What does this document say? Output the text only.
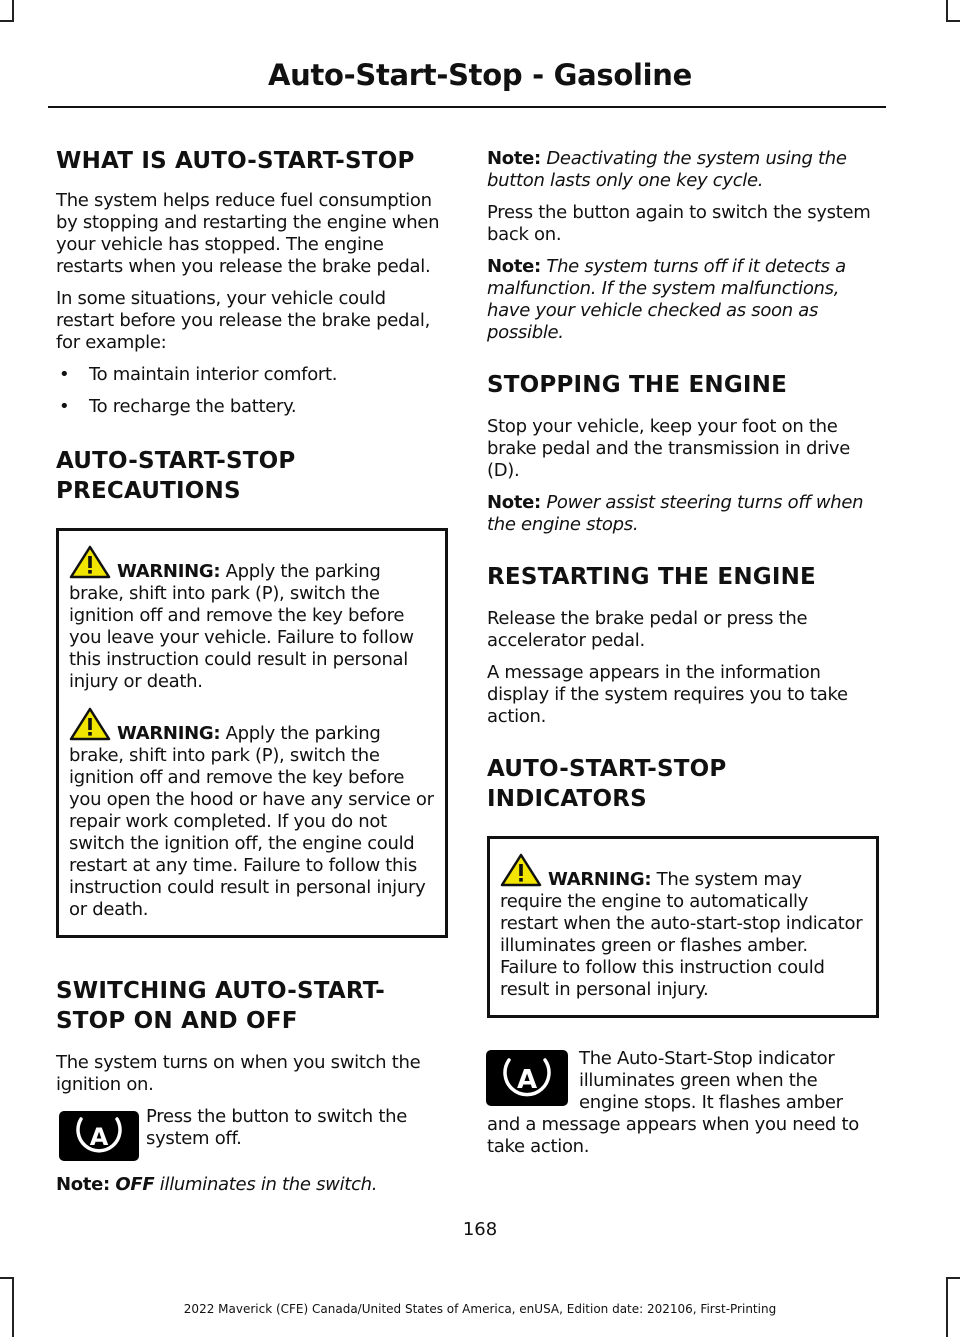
Auto-Start-Stop - Gasoline
WHAT IS AUTO-START-STOP

The system helps reduce fuel consumption by stopping and restarting the engine when your vehicle has stopped. The engine restarts when you release the brake pedal.

In some situations, your vehicle could restart before you release the brake pedal, for example:

• To maintain interior comfort.
• To recharge the battery.
AUTO-START-STOP
PRECAUTIONS

WARNING: Apply the parking brake, shift into park (P), switch the ignition off and remove the key before you leave your vehicle. Failure to follow this instruction could result in personal injury or death.

WARNING: Apply the parking brake, shift into park (P), switch the ignition off and remove the key before you open the hood or have any service or repair work completed. If you do not switch the ignition off, the engine could restart at any time. Failure to follow this instruction could result in personal injury or death.

SWITCHING AUTO-START-
STOP ON AND OFF

The system turns on when you switch the ignition on.

A

Press the button to switch the system off.

Note: OFF illuminates in the switch.

Note: Deactivating the system using the button lasts only one key cycle.

Press the button again to switch the system back on.

Note: The system turns off if it detects a malfunction. If the system malfunctions, have your vehicle checked as soon as possible.

STOPPING THE ENGINE

Stop your vehicle, keep your foot on the brake pedal and the transmission in drive (D).

Note: Power assist steering turns off when the engine stops.

RESTARTING THE ENGINE

Release the brake pedal or press the accelerator pedal.

A message appears in the information display if the system requires you to take action.

AUTO-START-STOP
INDICATORS

WARNING: The system may require the engine to automatically restart when the auto-start-stop indicator illuminates green or flashes amber. Failure to follow this instruction could result in personal injury.

A

The Auto-Start-Stop indicator illuminates green when the engine stops. It flashes amber and a message appears when you need to take action.

168
2022 Maverick (CFE) Canada/United States of America, enUSA, Edition date: 202106, First-Printing
